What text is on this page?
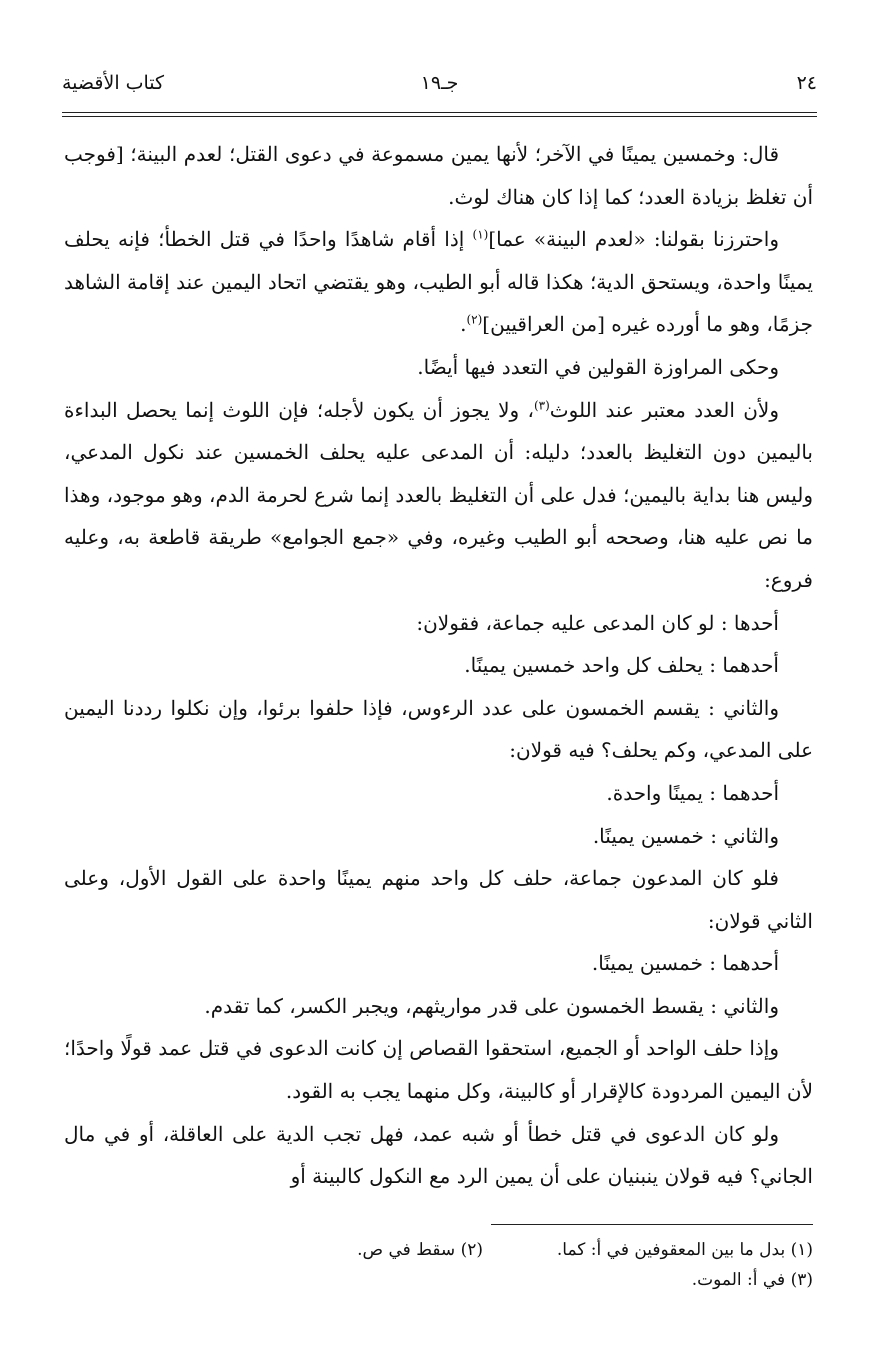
٢٤
جـ١٩
كتاب الأقضية

قال: وخمسين يمينًا في الآخر؛ لأنها يمين مسموعة في دعوى القتل؛ لعدم البينة؛ [فوجب أن تغلظ بزيادة العدد؛ كما إذا كان هناك لوث.

واحترزنا بقولنا: «لعدم البينة» عما]$^{(١)}$ إذا أقام شاهدًا واحدًا في قتل الخطأ؛ فإنه يحلف يمينًا واحدة، ويستحق الدية؛ هكذا قاله أبو الطيب، وهو يقتضي اتحاد اليمين عند إقامة الشاهد جزمًا، وهو ما أورده غيره [من العراقيين]$^{(٢)}$.

وحكى المراوزة القولين في التعدد فيها أيضًا.

ولأن العدد معتبر عند اللوث$^{(٣)}$، ولا يجوز أن يكون لأجله؛ فإن اللوث إنما يحصل البداءة باليمين دون التغليظ بالعدد؛ دليله: أن المدعى عليه يحلف الخمسين عند نكول المدعي، وليس هنا بداية باليمين؛ فدل على أن التغليظ بالعدد إنما شرع لحرمة الدم، وهو موجود، وهذا ما نص عليه هنا، وصححه أبو الطيب وغيره، وفي «جمع الجوامع» طريقة قاطعة به، وعليه فروع:

أحدها : لو كان المدعى عليه جماعة، فقولان:

أحدهما : يحلف كل واحد خمسين يمينًا.

والثاني : يقسم الخمسون على عدد الرءوس، فإذا حلفوا برئوا، وإن نكلوا رددنا اليمين على المدعي، وكم يحلف؟ فيه قولان:

أحدهما : يمينًا واحدة.

والثاني : خمسين يمينًا.

فلو كان المدعون جماعة، حلف كل واحد منهم يمينًا واحدة على القول الأول، وعلى الثاني قولان:

أحدهما : خمسين يمينًا.

والثاني : يقسط الخمسون على قدر مواريثهم، ويجبر الكسر، كما تقدم.

وإذا حلف الواحد أو الجميع، استحقوا القصاص إن كانت الدعوى في قتل عمد قولًا واحدًا؛ لأن اليمين المردودة كالإقرار أو كالبينة، وكل منهما يجب به القود.

ولو كان الدعوى في قتل خطأ أو شبه عمد، فهل تجب الدية على العاقلة، أو في مال الجاني؟ فيه قولان ينبنيان على أن يمين الرد مع النكول كالبينة أو

(١) بدل ما بين المعقوفين في أ: كما.
(٢) سقط في ص.
(٣) في أ: الموت.
